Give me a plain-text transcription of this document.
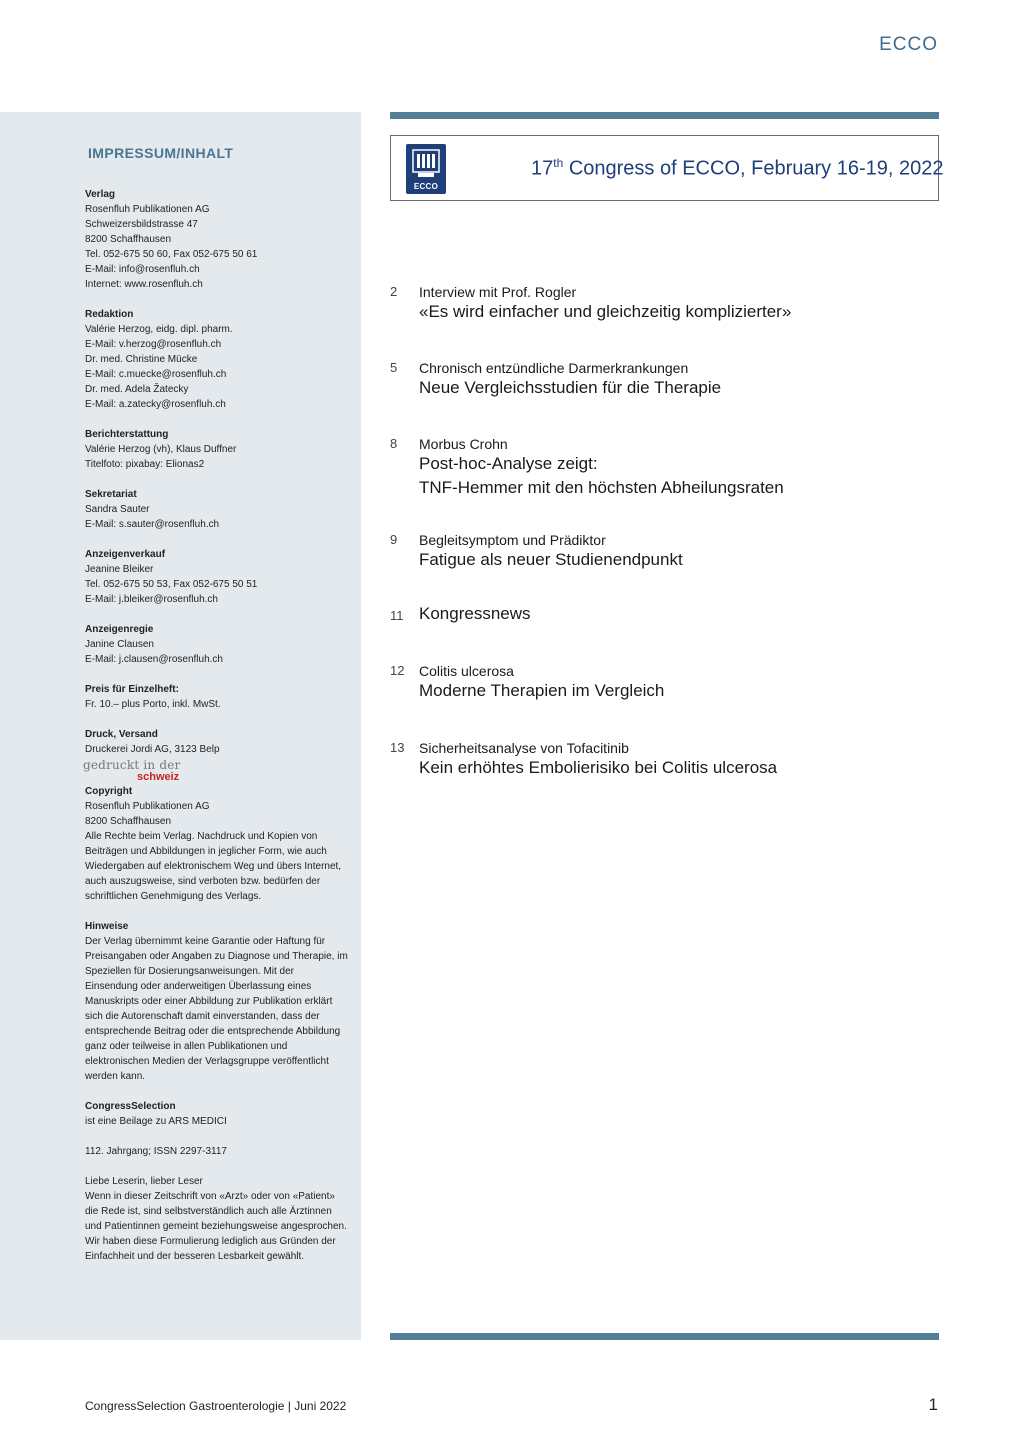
ECCO
IMPRESSUM/INHALT
Verlag
Rosenfluh Publikationen AG
Schweizersbildstrasse 47
8200 Schaffhausen
Tel. 052-675 50 60, Fax 052-675 50 61
E-Mail: info@rosenfluh.ch
Internet: www.rosenfluh.ch
Redaktion
Valérie Herzog, eidg. dipl. pharm.
E-Mail: v.herzog@rosenfluh.ch
Dr. med. Christine Mücke
E-Mail: c.muecke@rosenfluh.ch
Dr. med. Adela Žatecky
E-Mail: a.zatecky@rosenfluh.ch
Berichterstattung
Valérie Herzog (vh), Klaus Duffner
Titelfoto: pixabay: Elionas2
Sekretariat
Sandra Sauter
E-Mail: s.sauter@rosenfluh.ch
Anzeigenverkauf
Jeanine Bleiker
Tel. 052-675 50 53, Fax 052-675 50 51
E-Mail: j.bleiker@rosenfluh.ch
Anzeigenregie
Janine Clausen
E-Mail: j.clausen@rosenfluh.ch
Preis für Einzelheft:
Fr. 10.– plus Porto, inkl. MwSt.
Druck, Versand
Druckerei Jordi AG, 3123 Belp
gedruckt in der
schweiz
Copyright
Rosenfluh Publikationen AG
8200 Schaffhausen
Alle Rechte beim Verlag. Nachdruck und Kopien von Beiträgen und Abbildungen in jeglicher Form, wie auch Wiedergaben auf elektronischem Weg und übers Internet, auch auszugsweise, sind verboten bzw. bedürfen der schriftlichen Genehmigung des Verlags.
Hinweise
Der Verlag übernimmt keine Garantie oder Haftung für Preisangaben oder Angaben zu Diagnose und Therapie, im Speziellen für Dosierungsanweisungen. Mit der Einsendung oder anderweitigen Überlassung eines Manuskripts oder einer Abbildung zur Publikation erklärt sich die Autorenschaft damit einverstanden, dass der entsprechende Beitrag oder die entsprechende Abbildung ganz oder teilweise in allen Publikationen und elektronischen Medien der Verlagsgruppe veröffentlicht werden kann.
CongressSelection
ist eine Beilage zu ARS MEDICI
112. Jahrgang; ISSN 2297-3117
Liebe Leserin, lieber Leser
Wenn in dieser Zeitschrift von «Arzt» oder von «Patient» die Rede ist, sind selbstverständlich auch alle Ärztinnen und Patientinnen gemeint beziehungsweise angesprochen. Wir haben diese Formulierung lediglich aus Gründen der Einfachheit und der besseren Lesbarkeit gewählt.
ECCO
17th Congress of ECCO, February 16-19, 2022
2 Interview mit Prof. Rogler
«Es wird einfacher und gleichzeitig komplizierter»
5 Chronisch entzündliche Darmerkrankungen
Neue Vergleichsstudien für die Therapie
8 Morbus Crohn
Post-hoc-Analyse zeigt:
TNF-Hemmer mit den höchsten Abheilungsraten
9 Begleitsymptom und Prädiktor
Fatigue als neuer Studienendpunkt
11 Kongressnews
12 Colitis ulcerosa
Moderne Therapien im Vergleich
13 Sicherheitsanalyse von Tofacitinib
Kein erhöhtes Embolierisiko bei Colitis ulcerosa
CongressSelection Gastroenterologie | Juni 2022	1
